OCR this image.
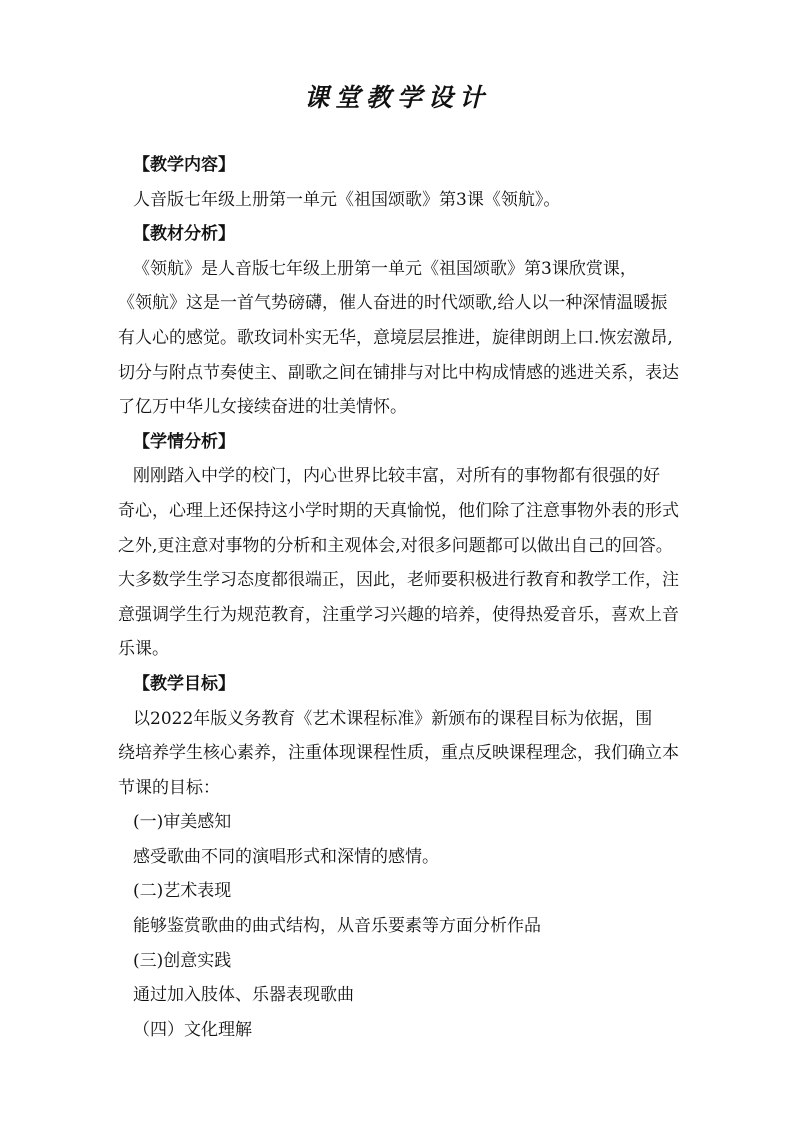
课堂教学设计
【教学内容】
人音版七年级上册第一单元《祖国颂歌》第3课《领航》。
【教材分析】
《领航》是人音版七年级上册第一单元《祖国颂歌》第3课欣赏课，
《领航》这是一首气势磅礴，催人奋进的时代颂歌,给人以一种深情温暖振
有人心的感觉。歌玫词朴实无华，意境层层推进，旋律朗朗上口.恢宏激昂,
切分与附点节奏使主、副歌之间在铺排与对比中构成情感的逃进关系，表达
了亿万中华儿女接续奋进的壮美情怀。
【学情分析】
刚刚踏入中学的校门，内心世界比较丰富，对所有的事物都有很强的好
奇心，心理上还保持这小学时期的天真愉悦，他们除了注意事物外表的形式
之外,更注意对事物的分析和主观体会,对很多问题都可以做出自己的回答。
大多数学生学习态度都很端正，因此，老师要积极进行教育和教学工作，注
意强调学生行为规范教育，注重学习兴趣的培养，使得热爱音乐，喜欢上音
乐课。
【教学目标】
以2022年版义务教育《艺术课程标准》新颁布的课程目标为依据，围
绕培养学生核心素养，注重体现课程性质，重点反映课程理念，我们确立本
节课的目标：
(一)审美感知
感受歌曲不同的演唱形式和深情的感情。
(二)艺术表现
能够鉴赏歌曲的曲式结构，从音乐要素等方面分析作品
(三)创意实践
通过加入肢体、乐器表现歌曲
（四）文化理解
